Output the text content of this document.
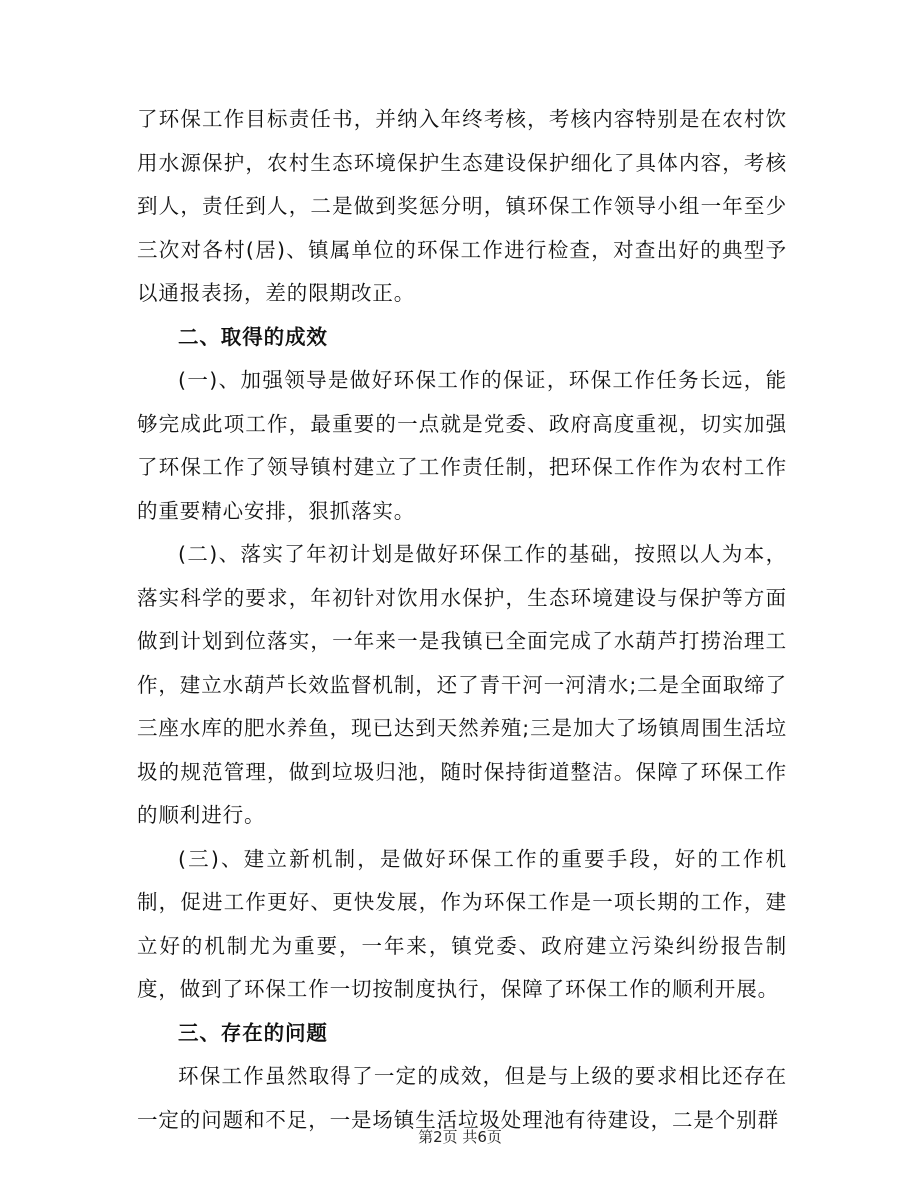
了环保工作目标责任书，并纳入年终考核，考核内容特别是在农村饮用水源保护，农村生态环境保护生态建设保护细化了具体内容，考核到人，责任到人，二是做到奖惩分明，镇环保工作领导小组一年至少三次对各村(居)、镇属单位的环保工作进行检查，对查出好的典型予以通报表扬，差的限期改正。

二、取得的成效

(一)、加强领导是做好环保工作的保证，环保工作任务长远，能够完成此项工作，最重要的一点就是党委、政府高度重视，切实加强了环保工作了领导镇村建立了工作责任制，把环保工作作为农村工作的重要精心安排，狠抓落实。

(二)、落实了年初计划是做好环保工作的基础，按照以人为本，落实科学的要求，年初针对饮用水保护，生态环境建设与保护等方面做到计划到位落实，一年来一是我镇已全面完成了水葫芦打捞治理工作，建立水葫芦长效监督机制，还了青干河一河清水;二是全面取缔了三座水库的肥水养鱼，现已达到天然养殖;三是加大了场镇周围生活垃圾的规范管理，做到垃圾归池，随时保持街道整洁。保障了环保工作的顺利进行。

(三)、建立新机制，是做好环保工作的重要手段，好的工作机制，促进工作更好、更快发展，作为环保工作是一项长期的工作，建立好的机制尤为重要，一年来，镇党委、政府建立污染纠纷报告制度，做到了环保工作一切按制度执行，保障了环保工作的顺利开展。

三、存在的问题

环保工作虽然取得了一定的成效，但是与上级的要求相比还存在一定的问题和不足，一是场镇生活垃圾处理池有待建设，二是个别群

第2页 共6页
